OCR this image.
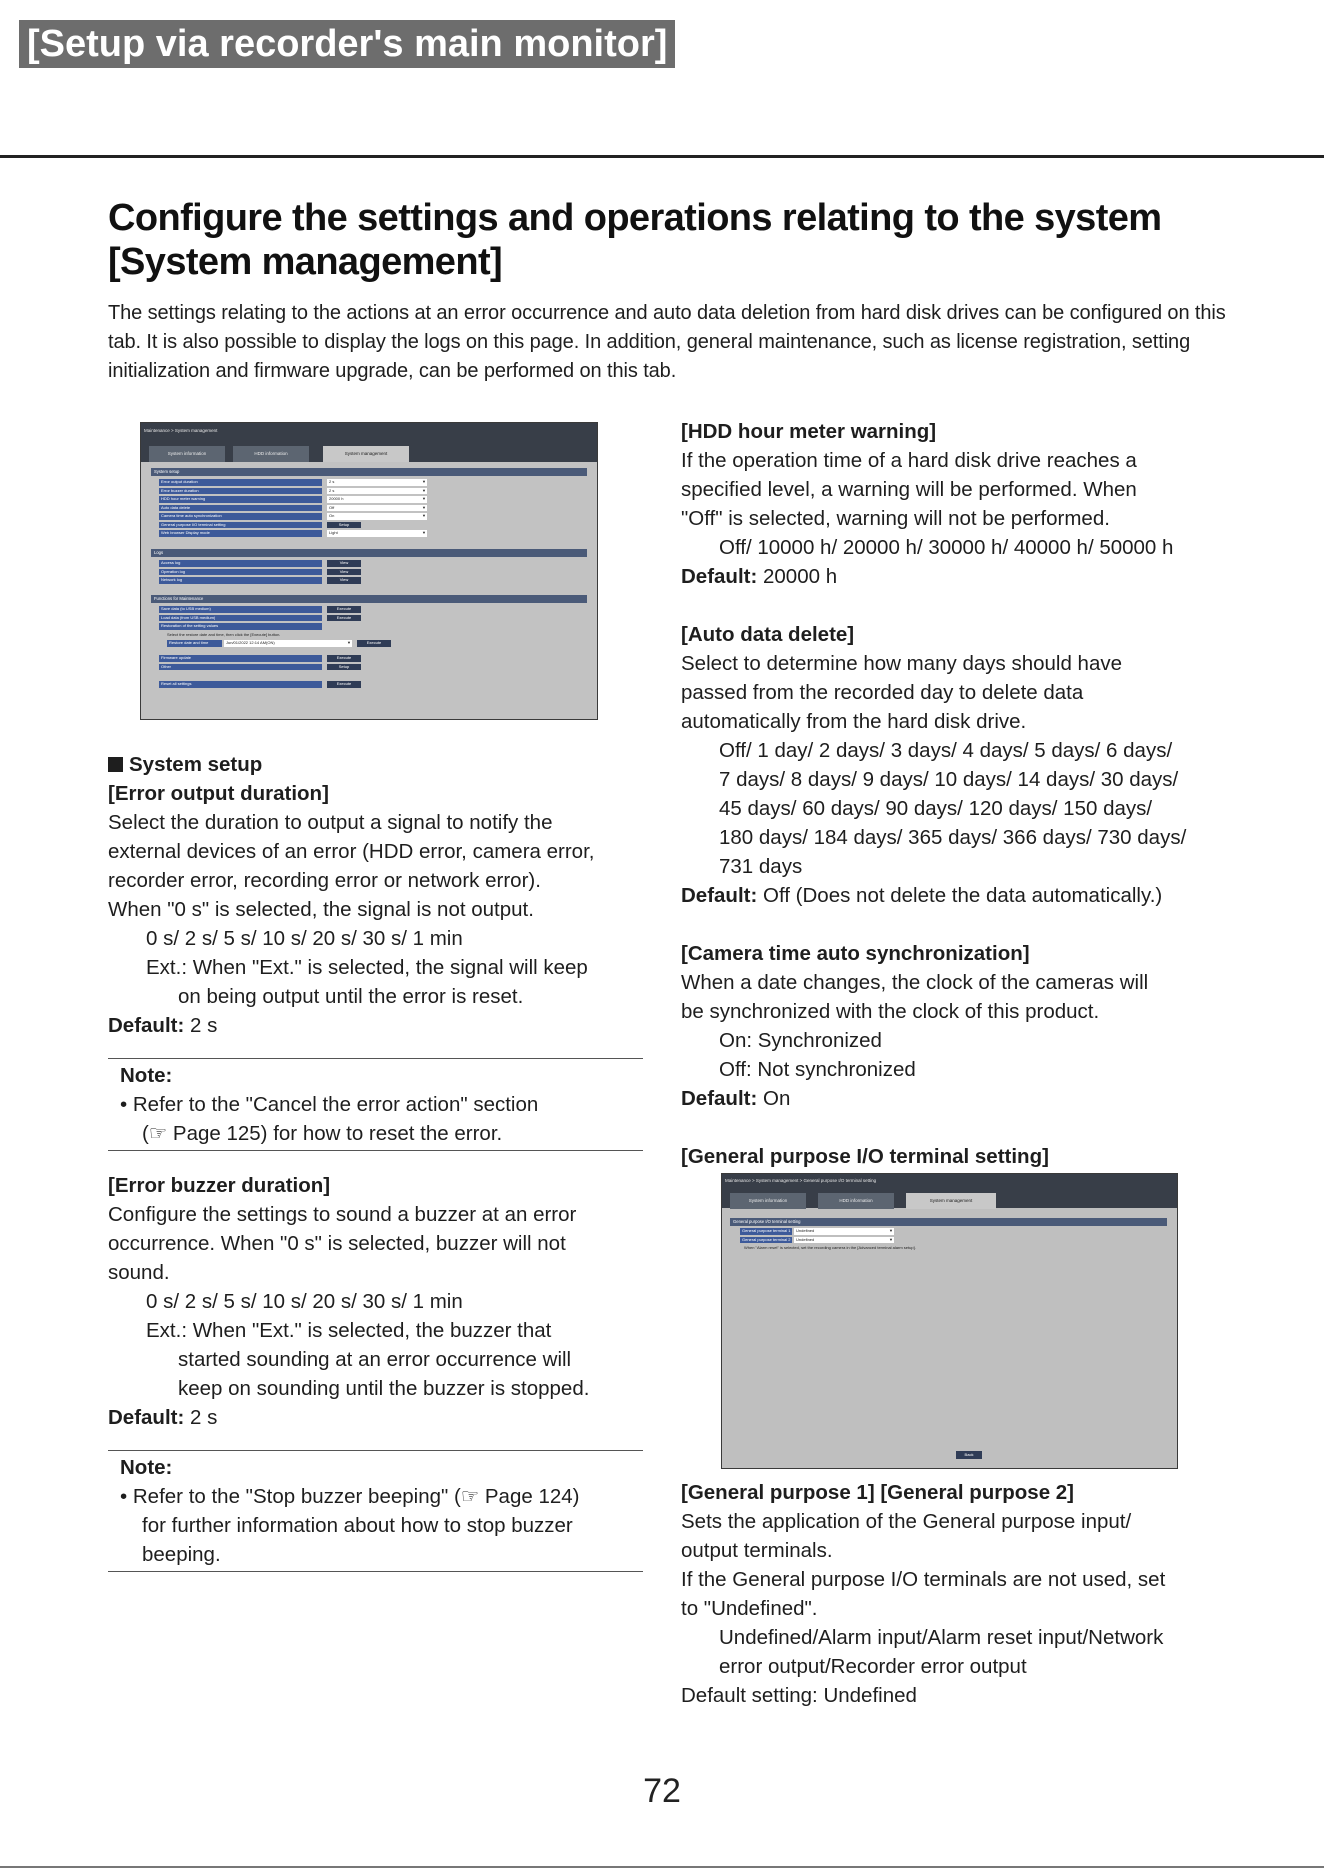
[Setup via recorder's main monitor]
Configure the settings and operations relating to the system
[System management]

The settings relating to the actions at an error occurrence and auto data deletion from hard disk drives can be configured on this tab. It is also possible to display the logs on this page. In addition, general maintenance, such as license registration, setting initialization and firmware upgrade, can be performed on this tab.

Maintenance > System management
System information	HDD information	System management
System setup
Error output duration	2 s	▼
Error buzzer duration	2 s	▼
HDD hour meter warning	20000 h	▼
Auto data delete	Off	▼
Camera time auto synchronization	On	▼
General purpose I/O terminal setting	Setup
Web browser Display mode	Light	▼
Logs
Access log	View
Operation log	View
Network log	View
Functions for Maintenance
Save data (to USB medium)	Execute
Load data (from USB medium)	Execute
Restoration of the setting values
Select the restore date and time, then click the [Execute] button.
Restore date and time	Jun/01/2022 12:14 AM(ON)	▼	Execute
Firmware update	Execute
Other	Setup
Reset all settings	Execute

System setup

[Error output duration]

Select the duration to output a signal to notify the

external devices of an error (HDD error, camera error,

recorder error, recording error or network error).

When "0 s" is selected, the signal is not output.

0 s/ 2 s/ 5 s/ 10 s/ 20 s/ 30 s/ 1 min

Ext.: When "Ext." is selected, the signal will keep

on being output until the error is reset.

Default: 2 s

Note:

• Refer to the "Cancel the error action" section

(☞ Page 125) for how to reset the error.

[Error buzzer duration]

Configure the settings to sound a buzzer at an error

occurrence. When "0 s" is selected, buzzer will not

sound.

0 s/ 2 s/ 5 s/ 10 s/ 20 s/ 30 s/ 1 min

Ext.: When "Ext." is selected, the buzzer that

started sounding at an error occurrence will

keep on sounding until the buzzer is stopped.

Default: 2 s

Note:

• Refer to the "Stop buzzer beeping" (☞ Page 124)

for further information about how to stop buzzer

beeping.

[HDD hour meter warning]

If the operation time of a hard disk drive reaches a

specified level, a warning will be performed. When

"Off" is selected, warning will not be performed.

Off/ 10000 h/ 20000 h/ 30000 h/ 40000 h/ 50000 h

Default: 20000 h

[Auto data delete]

Select to determine how many days should have

passed from the recorded day to delete data

automatically from the hard disk drive.

Off/ 1 day/ 2 days/ 3 days/ 4 days/ 5 days/ 6 days/

7 days/ 8 days/ 9 days/ 10 days/ 14 days/ 30 days/

45 days/ 60 days/ 90 days/ 120 days/ 150 days/

180 days/ 184 days/ 365 days/ 366 days/ 730 days/

731 days

Default: Off (Does not delete the data automatically.)

[Camera time auto synchronization]

When a date changes, the clock of the cameras will

be synchronized with the clock of this product.

On: Synchronized

Off: Not synchronized

Default: On

[General purpose I/O terminal setting]

[General purpose 1] [General purpose 2]

Sets the application of the General purpose input/

output terminals.

If the General purpose I/O terminals are not used, set

to "Undefined".

Undefined/Alarm input/Alarm reset input/Network

error output/Recorder error output

Default setting: Undefined

Maintenance > System management > General purpose I/O terminal setting
System information	HDD information	System management
General purpose I/O terminal setting
General purpose terminal 1	Undefined	▼
General purpose terminal 2	Undefined	▼
When "Alarm reset" is selected, set the recording camera in the [Advanced terminal alarm setup].
Back
72
